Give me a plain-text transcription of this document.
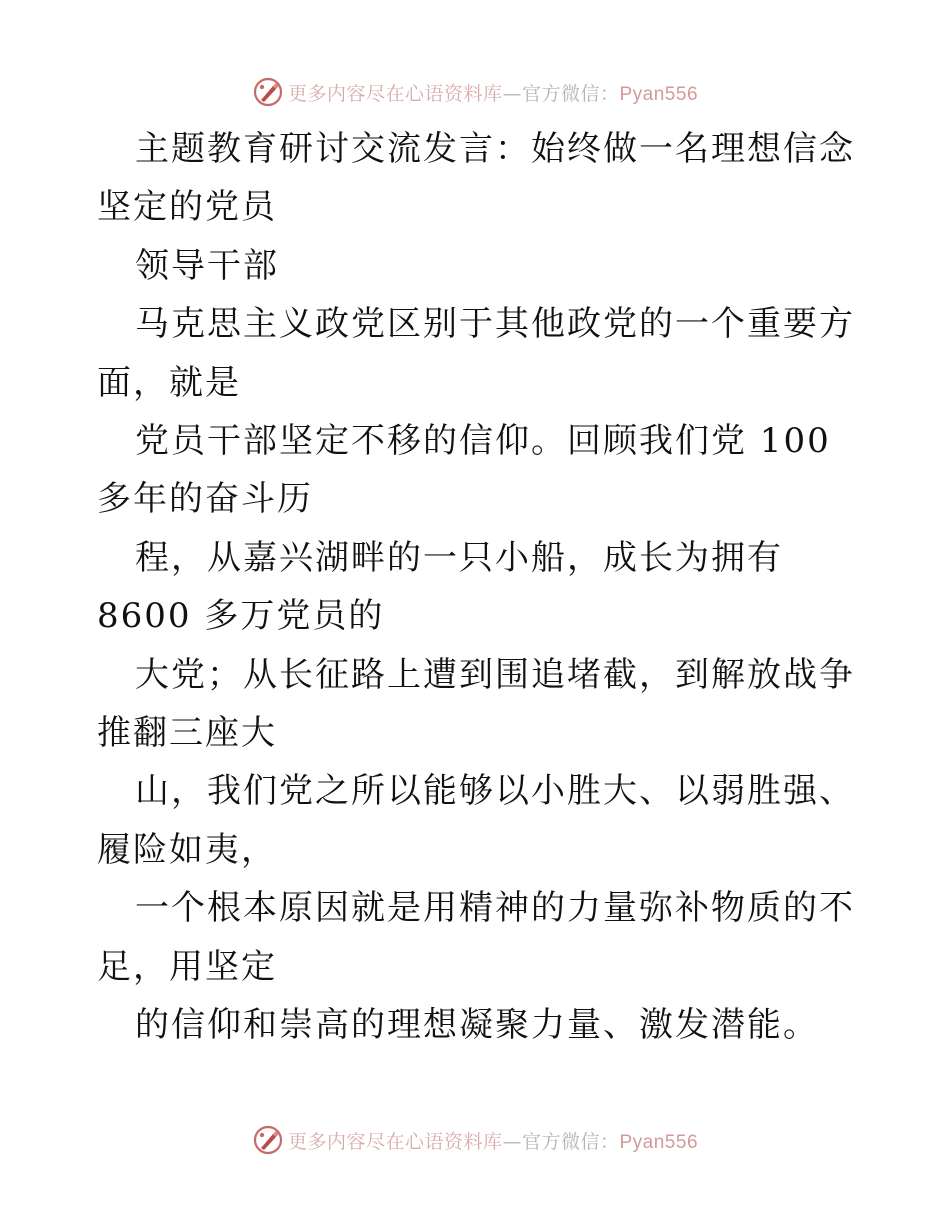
更多内容尽在心语资料库—官方微信：Pyan556

主题教育研讨交流发言：始终做一名理想信念坚定的党员

领导干部

马克思主义政党区别于其他政党的一个重要方面，就是

党员干部坚定不移的信仰。回顾我们党 100 多年的奋斗历

程，从嘉兴湖畔的一只小船，成长为拥有 8600 多万党员的

大党；从长征路上遭到围追堵截，到解放战争推翻三座大

山，我们党之所以能够以小胜大、以弱胜强、履险如夷，

一个根本原因就是用精神的力量弥补物质的不足，用坚定

的信仰和崇高的理想凝聚力量、激发潜能。

更多内容尽在心语资料库—官方微信：Pyan556
